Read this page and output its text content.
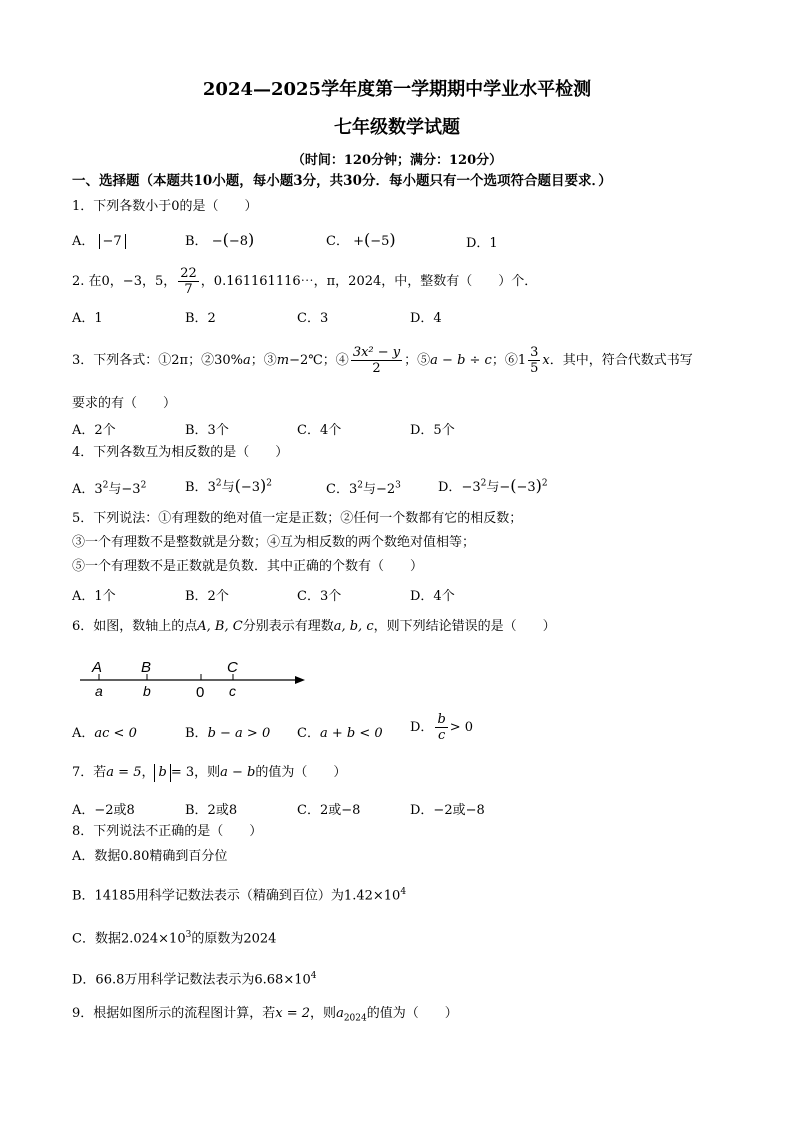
2024—2025学年度第一学期期中学业水平检测
七年级数学试题
（时间：120分钟；满分：120分）
一、选择题（本题共10小题，每小题3分，共30分．每小题只有一个选项符合题目要求．）
1．下列各数小于0的是（　　）
A． −7	B． −(−8)	C． +(−5)	D．1
2. 在0，−3，5， $\frac{22}{7}$ ，0.161161116⋯，π，2024，中，整数有（　　）个．
A．1	B．2	C．3	D．4
3．下列各式：①2π；②30%a；③m−2℃；④ $\frac{\text{3x² − y}}{2}$ ；⑤a − b ÷ c；⑥1 $\frac{3}{5}$ x．其中，符合代数式书写
要求的有（　　）
A．2个	B．3个	C．4个	D．5个
4．下列各数互为相反数的是（　　）
A．$3^2$与$-3^2$	B．$3^2$与$(-3)^2$	C．$3^2$与$-2^3$	D．$-3^2$与$-(-3)^2$
5．下列说法：①有理数的绝对值一定是正数；②任何一个数都有它的相反数；
③一个有理数不是整数就是分数；④互为相反数的两个数绝对值相等；
⑤一个有理数不是正数就是负数．其中正确的个数有（　　）
A．1个	B．2个	C．3个	D．4个
6．如图，数轴上的点A, B, C分别表示有理数a, b, c，则下列结论错误的是（　　）
A	B	C
a	b	0 c
A．ac < 0	B．b − a > 0 C．a + b < 0 D． $\frac{b}{c} > 0$
7．若a = 5， b = 3，则a − b的值为（　　）
A．−2或8	B．2或8	C．2或−8	D．−2或−8
8．下列说法不正确的是（　　）
A．数据0.80精确到百分位
B．14185用科学记数法表示（精确到百位）为$1.42\times 10^4$
C．数据$2.024\times 10^3$的原数为2024
D．66.8万用科学记数法表示为$6.68\times 10^4$
9．根据如图所示的流程图计算，若x = 2，则$a_{2024}$的值为（　　）
